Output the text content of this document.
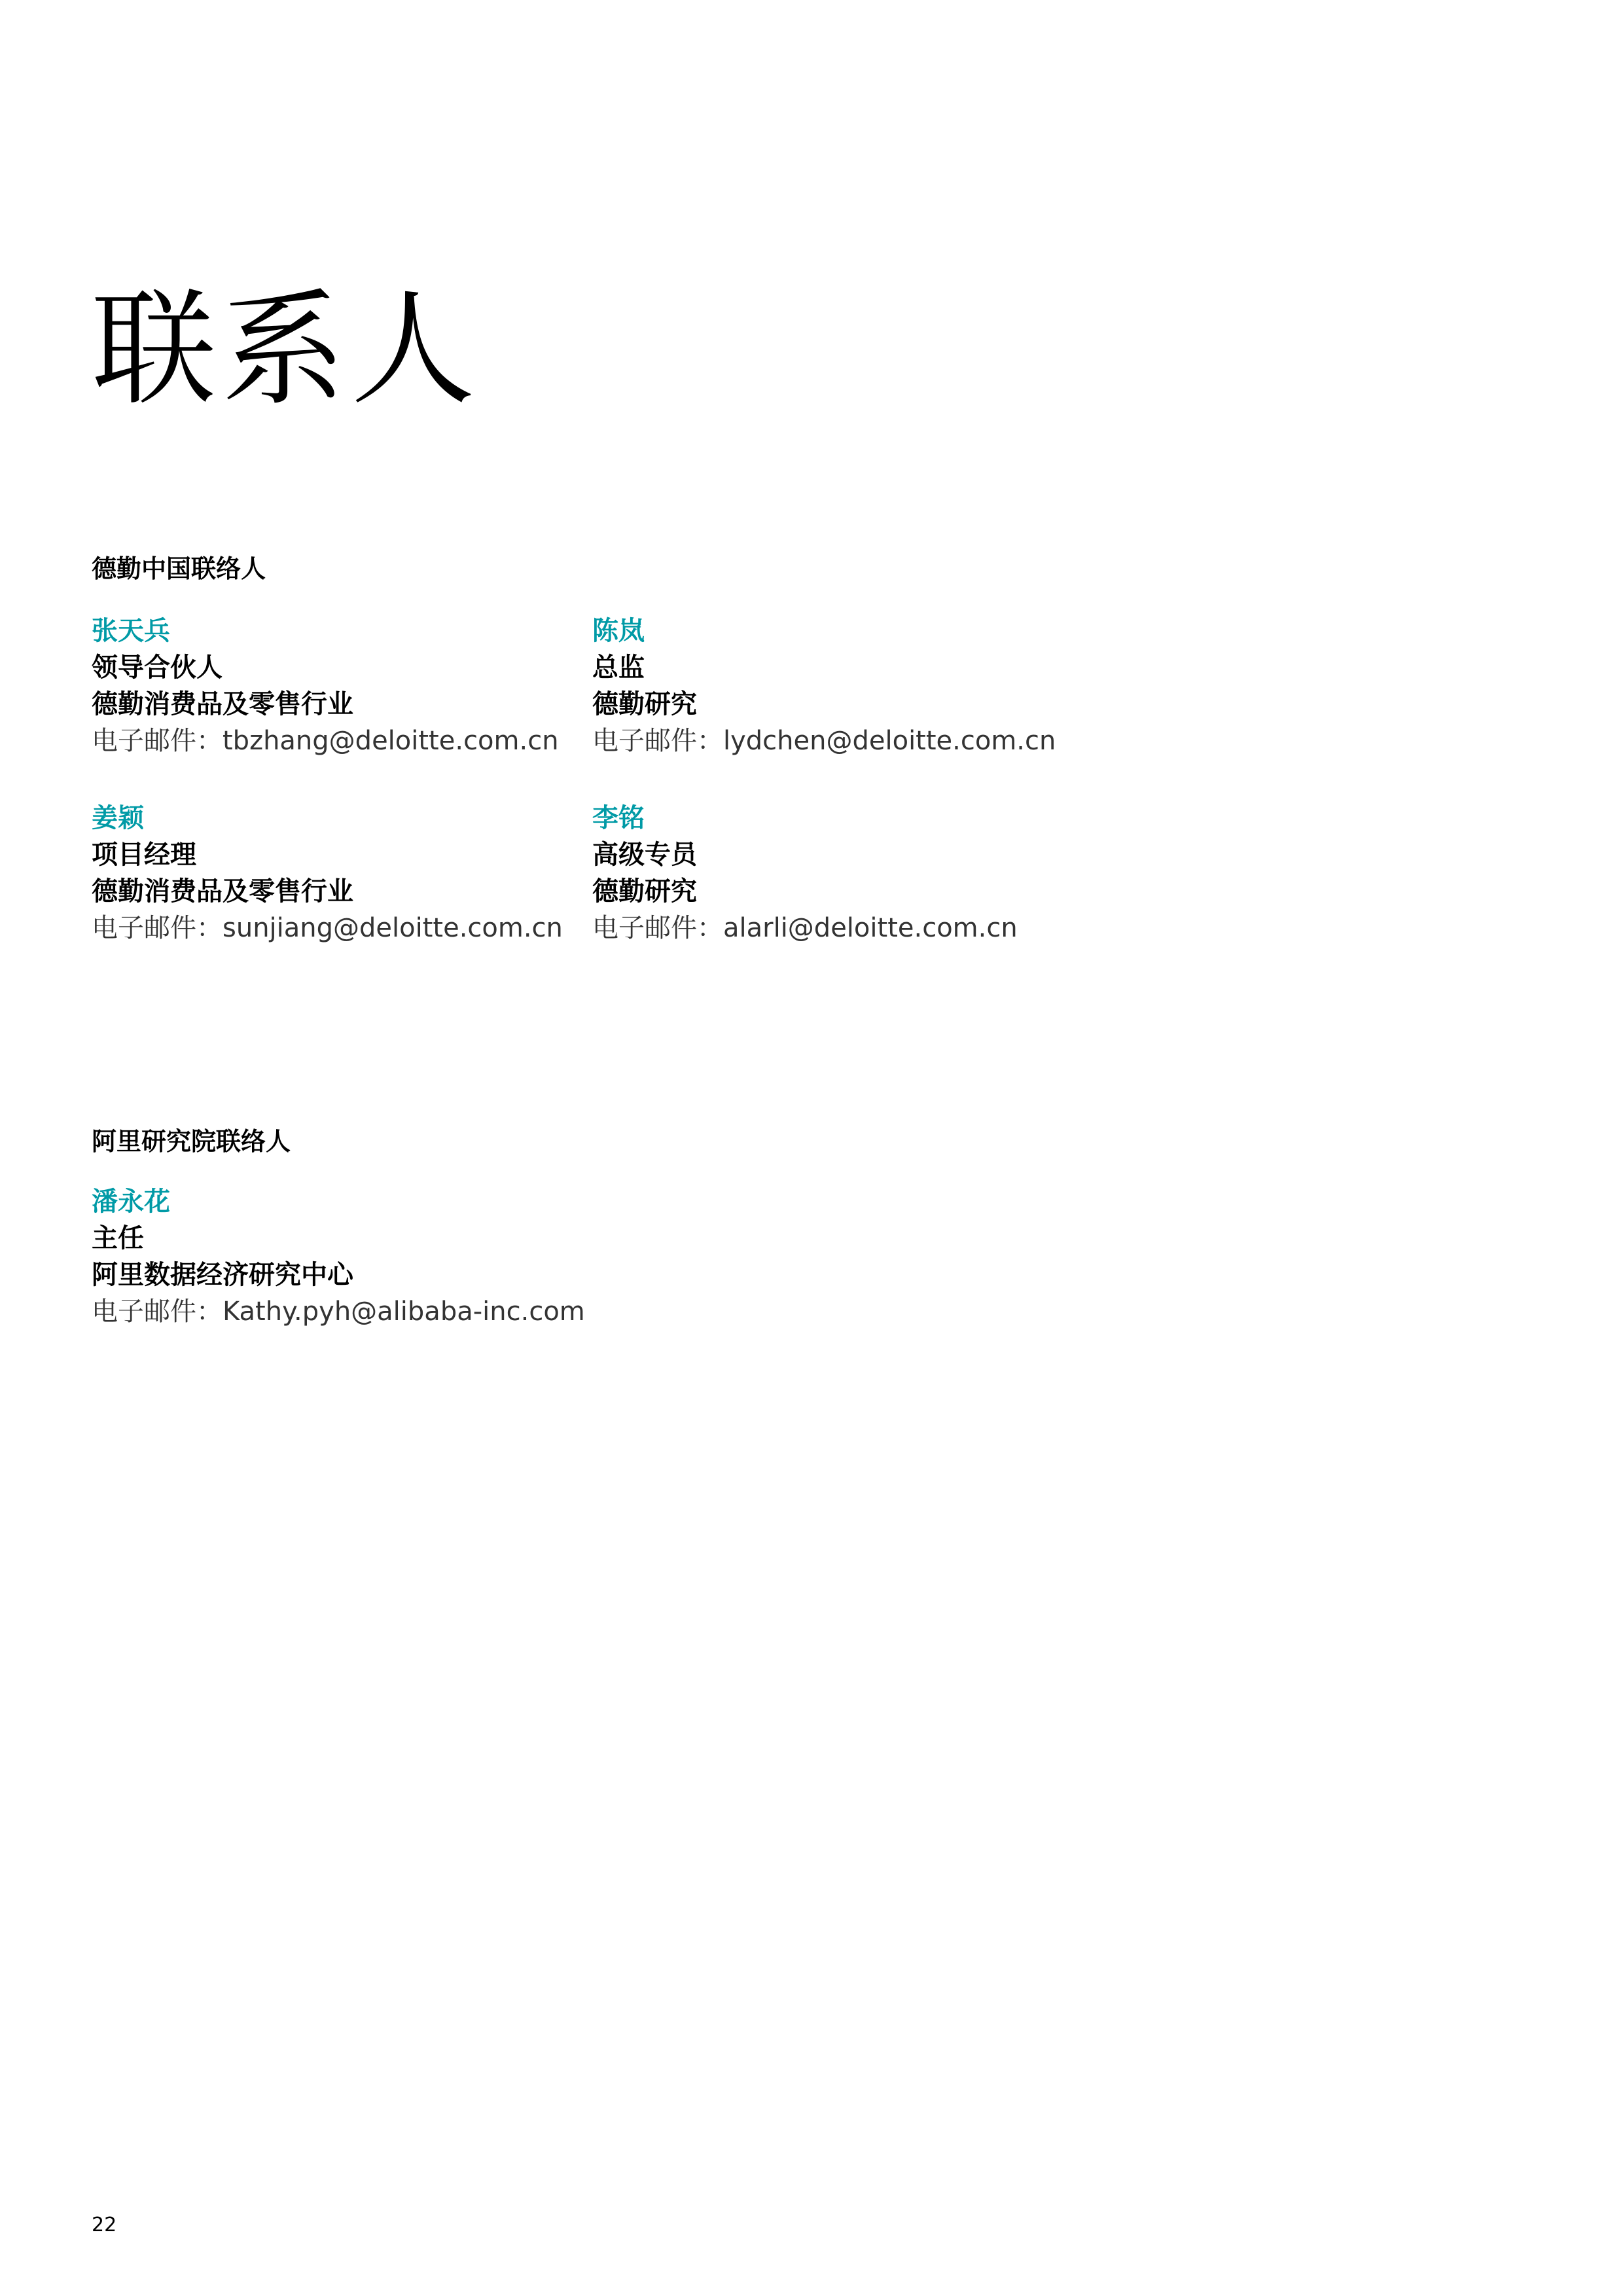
联系人
德勤中国联络人
张天兵
领导合伙人
德勤消费品及零售行业
电子邮件：tbzhang@deloitte.com.cn
陈岚
总监
德勤研究
电子邮件：lydchen@deloitte.com.cn
姜颖
项目经理
德勤消费品及零售行业
电子邮件：sunjiang@deloitte.com.cn
李铭
高级专员
德勤研究
电子邮件：alarli@deloitte.com.cn
阿里研究院联络人
潘永花
主任
阿里数据经济研究中心
电子邮件：Kathy.pyh@alibaba-inc.com
22
